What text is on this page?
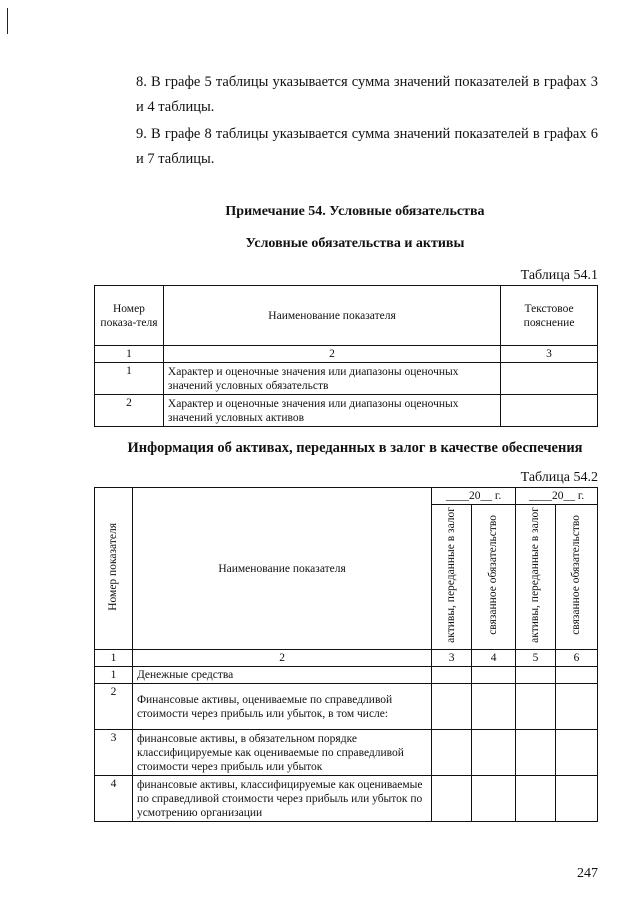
8. В графе 5 таблицы указывается сумма значений показателей в графах 3 и 4 таблицы.
9. В графе 8 таблицы указывается сумма значений показателей в графах 6 и 7 таблицы.
Примечание 54. Условные обязательства
Условные обязательства и активы
Таблица 54.1
Номер показа-теля	Наименование показателя	Текстовое пояснение
1	2	3
1	Характер и оценочные значения или диапазоны оценочных значений условных обязательств	
2	Характер и оценочные значения или диапазоны оценочных значений условных активов	
Информация об активах, переданных в залог в качестве обеспечения
Таблица 54.2
Номер показателя	Наименование показателя	____20__ г.		____20__ г.	
		активы, переданные в залог	связанное обязательство	активы, переданные в залог	связанное обязательство
1	2	3	4	5	6
1	Денежные средства				
2	Финансовые активы, оцениваемые по справедливой стоимости через прибыль или убыток, в том числе:				
3	финансовые активы, в обязательном порядке классифицируемые как оцениваемые по справедливой стоимости через прибыль или убыток				
4	финансовые активы, классифицируемые как оцениваемые по справедливой стоимости через прибыль или убыток по усмотрению организации				
247
